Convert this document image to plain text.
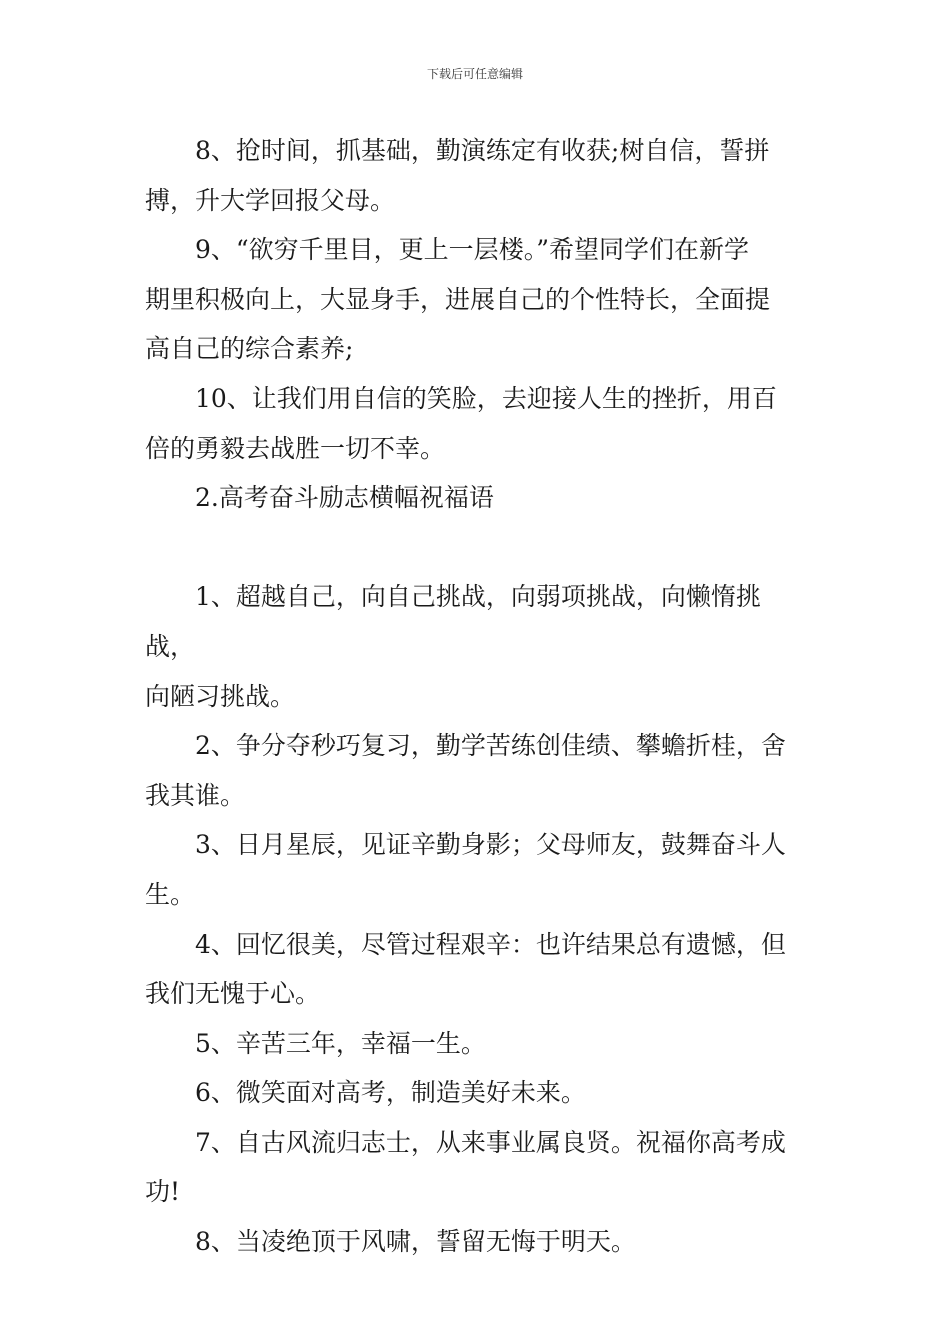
下载后可任意编辑

8、抢时间，抓基础，勤演练定有收获;树自信，誓拼
搏，升大学回报父母。

9、“欲穷千里目，更上一层楼。”希望同学们在新学
期里积极向上，大显身手，进展自己的个性特长，全面提
高自己的综合素养;

10、让我们用自信的笑脸，去迎接人生的挫折，用百
倍的勇毅去战胜一切不幸。

2.高考奋斗励志横幅祝福语

1、超越自己，向自己挑战，向弱项挑战，向懒惰挑战，
向陋习挑战。

2、争分夺秒巧复习，勤学苦练创佳绩、攀蟾折桂，舍
我其谁。

3、日月星辰，见证辛勤身影；父母师友，鼓舞奋斗人
生。

4、回忆很美，尽管过程艰辛：也许结果总有遗憾，但
我们无愧于心。

5、辛苦三年，幸福一生。

6、微笑面对高考，制造美好未来。

7、自古风流归志士，从来事业属良贤。祝福你高考成
功!

8、当凌绝顶于风啸，誓留无悔于明天。
